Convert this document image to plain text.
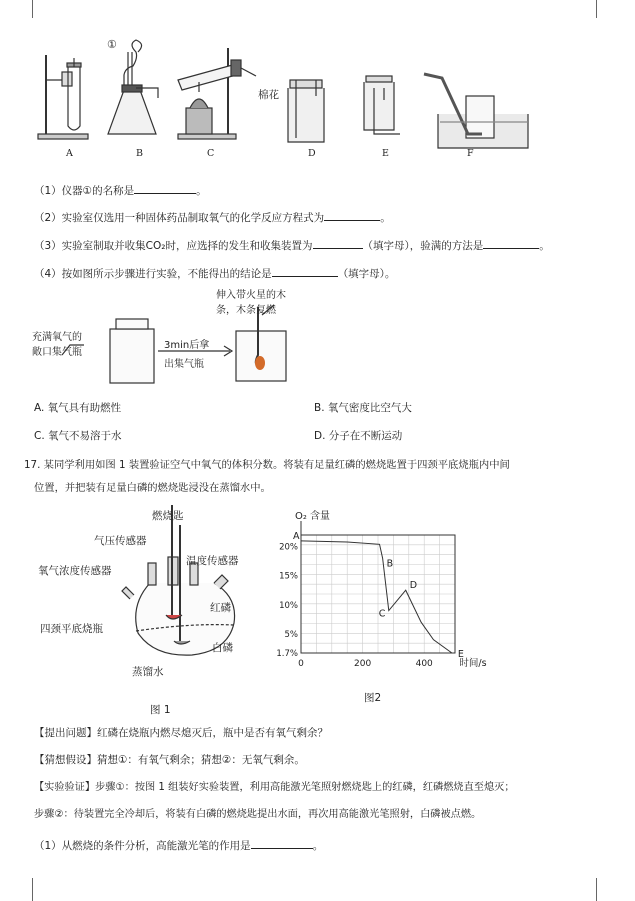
①
棉花
A	B	C	D	E	F
（1）仪器①的名称是	。
（2）实验室仅选用一种固体药品制取氧气的化学反应方程式为	。
（3）实验室制取并收集CO₂时，应选择的发生和收集装置为	（填字母），验满的方法是	。
（4）按如图所示步骤进行实验，不能得出的结论是	（填字母）。
充满氧气的
敞口集气瓶
3min后拿
出集气瓶
伸入带火星的木
条，木条复燃
A. 氧气具有助燃性	B. 氧气密度比空气大
C. 氧气不易溶于水	D. 分子在不断运动
17. 某同学利用如图 1 装置验证空气中氧气的体积分数。将装有足量红磷的燃烧匙置于四颈平底烧瓶内中间
位置，并把装有足量白磷的燃烧匙浸没在蒸馏水中。
燃烧匙
气压传感器
温度传感器
氧气浓度传感器
红磷
四颈平底烧瓶
白磷
蒸馏水
图 1
O₂ 含量
1.7%
5%
10%
15%
20%
0	200	400	时间/s
A
B
C
D
E
图2
【提出问题】红磷在烧瓶内燃尽熄灭后，瓶中是否有氧气剩余？
【猜想假设】猜想①：有氧气剩余；猜想②：无氧气剩余。
【实验验证】步骤①：按图 1 组装好实验装置，利用高能激光笔照射燃烧匙上的红磷，红磷燃烧直至熄灭；
步骤②：待装置完全冷却后，将装有白磷的燃烧匙提出水面，再次用高能激光笔照射，白磷被点燃。
（1）从燃烧的条件分析，高能激光笔的作用是	。
